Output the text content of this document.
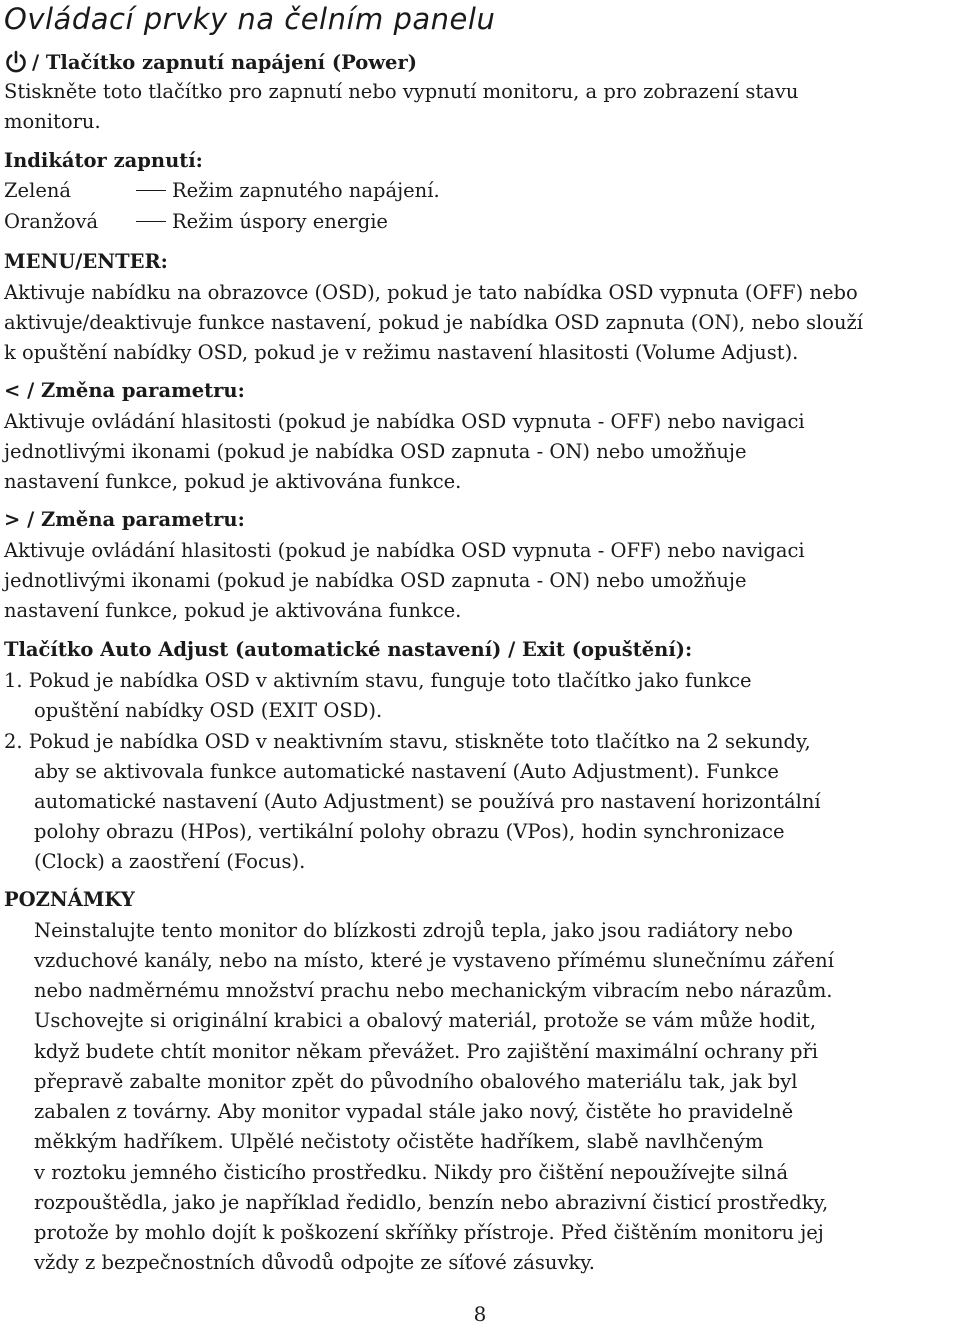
Ovládací prvky na čelním panelu
/ Tlačítko zapnutí napájení (Power)
Stiskněte toto tlačítko pro zapnutí nebo vypnutí monitoru, a pro zobrazení stavu
monitoru.
Indikátor zapnutí:
Zelená	Režim zapnutého napájení.
Oranžová	Režim úspory energie
MENU/ENTER:
Aktivuje nabídku na obrazovce (OSD), pokud je tato nabídka OSD vypnuta (OFF) nebo
aktivuje/deaktivuje funkce nastavení, pokud je nabídka OSD zapnuta (ON), nebo slouží
k opuštění nabídky OSD, pokud je v režimu nastavení hlasitosti (Volume Adjust).
< / Změna parametru:
Aktivuje ovládání hlasitosti (pokud je nabídka OSD vypnuta - OFF) nebo navigaci
jednotlivými ikonami (pokud je nabídka OSD zapnuta - ON) nebo umožňuje
nastavení funkce, pokud je aktivována funkce.
> / Změna parametru:
Aktivuje ovládání hlasitosti (pokud je nabídka OSD vypnuta - OFF) nebo navigaci
jednotlivými ikonami (pokud je nabídka OSD zapnuta - ON) nebo umožňuje
nastavení funkce, pokud je aktivována funkce.
Tlačítko Auto Adjust (automatické nastavení) / Exit (opuštění):
1. Pokud je nabídka OSD v aktivním stavu, funguje toto tlačítko jako funkce
opuštění nabídky OSD (EXIT OSD).
2. Pokud je nabídka OSD v neaktivním stavu, stiskněte toto tlačítko na 2 sekundy,
aby se aktivovala funkce automatické nastavení (Auto Adjustment). Funkce
automatické nastavení (Auto Adjustment) se používá pro nastavení horizontální
polohy obrazu (HPos), vertikální polohy obrazu (VPos), hodin synchronizace
(Clock) a zaostření (Focus).
POZNÁMKY
Neinstalujte tento monitor do blízkosti zdrojů tepla, jako jsou radiátory nebo
vzduchové kanály, nebo na místo, které je vystaveno přímému slunečnímu záření
nebo nadměrnému množství prachu nebo mechanickým vibracím nebo nárazům.
Uschovejte si originální krabici a obalový materiál, protože se vám může hodit,
když budete chtít monitor někam převážet. Pro zajištění maximální ochrany při
přepravě zabalte monitor zpět do původního obalového materiálu tak, jak byl
zabalen z továrny. Aby monitor vypadal stále jako nový, čistěte ho pravidelně
měkkým hadříkem. Ulpělé nečistoty očistěte hadříkem, slabě navlhčeným
v roztoku jemného čisticího prostředku. Nikdy pro čištění nepoužívejte silná
rozpouštědla, jako je například ředidlo, benzín nebo abrazivní čisticí prostředky,
protože by mohlo dojít k poškození skříňky přístroje. Před čištěním monitoru jej
vždy z bezpečnostních důvodů odpojte ze síťové zásuvky.
8
